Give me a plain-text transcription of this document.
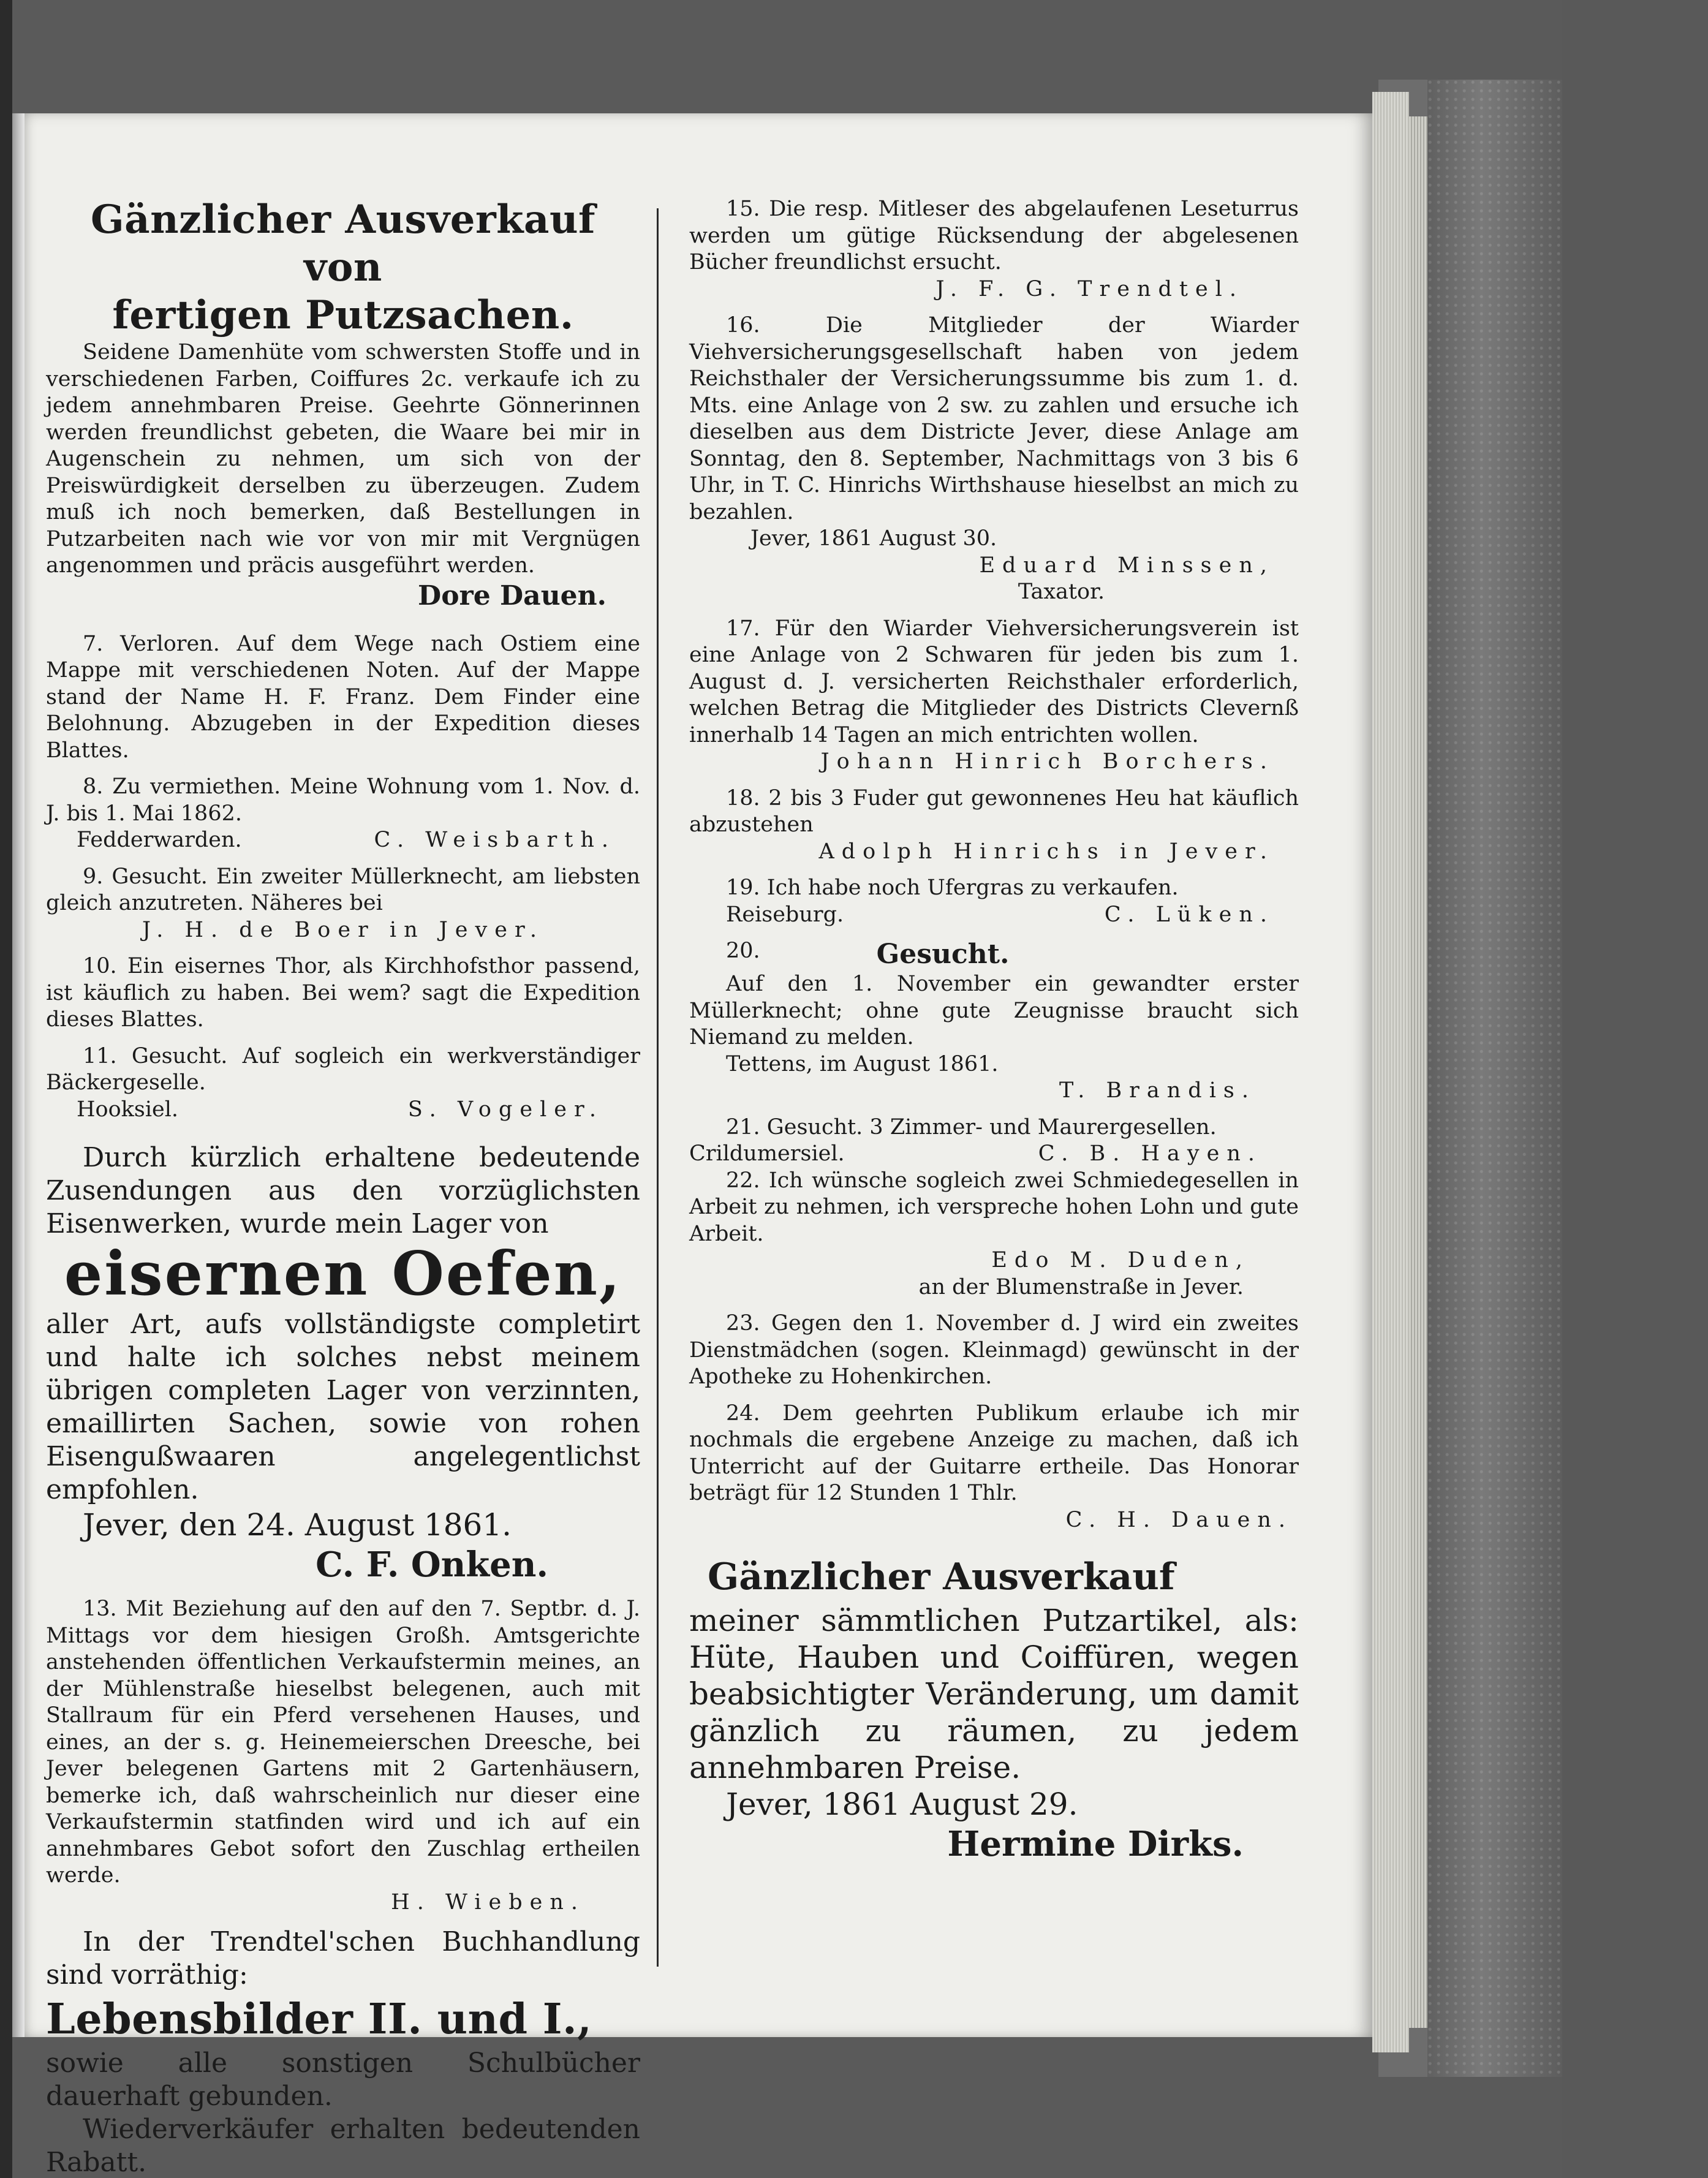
Gänzlicher Ausverkauf von

fertigen Putzsachen.

Seidene Damenhüte vom schwersten Stoffe und in verschiedenen Farben, Coiffures 2c. verkaufe ich zu jedem annehmbaren Preise. Geehrte Gönnerinnen werden freundlichst gebeten, die Waare bei mir in Augenschein zu nehmen, um sich von der Preiswürdigkeit derselben zu überzeugen. Zudem muß ich noch bemerken, daß Bestellungen in Putzarbeiten nach wie vor von mir mit Vergnügen angenommen und präcis ausgeführt werden.

Dore Dauen.

7. Verloren. Auf dem Wege nach Ostiem eine Mappe mit verschiedenen Noten. Auf der Mappe stand der Name H. F. Franz. Dem Finder eine Belohnung. Abzugeben in der Expedition dieses Blattes.

8. Zu vermiethen. Meine Wohnung vom 1. Nov. d. J. bis 1. Mai 1862.

Fedderwarden.	C. Weisbarth.

9. Gesucht. Ein zweiter Müllerknecht, am liebsten gleich anzutreten. Näheres bei

J. H. de Boer in Jever.

10. Ein eisernes Thor, als Kirchhofsthor passend, ist käuflich zu haben. Bei wem? sagt die Expedition dieses Blattes.

11. Gesucht. Auf sogleich ein werkverständiger Bäckergeselle.

Hooksiel.	S. Vogeler.

Durch kürzlich erhaltene bedeutende Zusendungen aus den vorzüglichsten Eisenwerken, wurde mein Lager von

eisernen Oefen,

aller Art, aufs vollständigste completirt und halte ich solches nebst meinem übrigen completen Lager von verzinnten, emaillirten Sachen, sowie von rohen Eisengußwaaren angelegentlichst empfohlen.

Jever, den 24. August 1861.

C. F. Onken.

13. Mit Beziehung auf den auf den 7. Septbr. d. J. Mittags vor dem hiesigen Großh. Amtsgerichte anstehenden öffentlichen Verkaufstermin meines, an der Mühlenstraße hieselbst belegenen, auch mit Stallraum für ein Pferd versehenen Hauses, und eines, an der s. g. Heinemeierschen Dreesche, bei Jever belegenen Gartens mit 2 Gartenhäusern, bemerke ich, daß wahrscheinlich nur dieser eine Verkaufstermin statfinden wird und ich auf ein annehmbares Gebot sofort den Zuschlag ertheilen werde.

H. Wieben.

In der Trendtel'schen Buchhandlung sind vorräthig:

Lebensbilder II. und I.,

sowie alle sonstigen Schulbücher dauerhaft gebunden.

Wiederverkäufer erhalten bedeutenden Rabatt.

15. Die resp. Mitleser des abgelaufenen Leseturrus werden um gütige Rücksendung der abgelesenen Bücher freundlichst ersucht.

J. F. G. Trendtel.

16. Die Mitglieder der Wiarder Viehversicherungsgesellschaft haben von jedem Reichsthaler der Versicherungssumme bis zum 1. d. Mts. eine Anlage von 2 sw. zu zahlen und ersuche ich dieselben aus dem Districte Jever, diese Anlage am Sonntag, den 8. September, Nachmittags von 3 bis 6 Uhr, in T. C. Hinrichs Wirthshause hieselbst an mich zu bezahlen.

Jever, 1861 August 30.

Eduard Minssen,

Taxator.

17. Für den Wiarder Viehversicherungsverein ist eine Anlage von 2 Schwaren für jeden bis zum 1. August d. J. versicherten Reichsthaler erforderlich, welchen Betrag die Mitglieder des Districts Clevernß innerhalb 14 Tagen an mich entrichten wollen.

Johann Hinrich Borchers.

18. 2 bis 3 Fuder gut gewonnenes Heu hat käuflich abzustehen

Adolph Hinrichs in Jever.

19. Ich habe noch Ufergras zu verkaufen.

Reiseburg.	C. Lüken.

20.	Gesucht.

Auf den 1. November ein gewandter erster Müllerknecht; ohne gute Zeugnisse braucht sich Niemand zu melden.

Tettens, im August 1861.

T. Brandis.

21. Gesucht. 3 Zimmer- und Maurergesellen.

Crildumersiel.	C. B. Hayen.

22. Ich wünsche sogleich zwei Schmiedegesellen in Arbeit zu nehmen, ich verspreche hohen Lohn und gute Arbeit.

Edo M. Duden,

an der Blumenstraße in Jever.

23. Gegen den 1. November d. J wird ein zweites Dienstmädchen (sogen. Kleinmagd) gewünscht in der Apotheke zu Hohenkirchen.

24. Dem geehrten Publikum erlaube ich mir nochmals die ergebene Anzeige zu machen, daß ich Unterricht auf der Guitarre ertheile. Das Honorar beträgt für 12 Stunden 1 Thlr.

C. H. Dauen.

Gänzlicher Ausverkauf

meiner sämmtlichen Putzartikel, als: Hüte, Hauben und Coiffüren, wegen beabsichtigter Veränderung, um damit gänzlich zu räumen, zu jedem annehmbaren Preise.

Jever, 1861 August 29.

Hermine Dirks.
